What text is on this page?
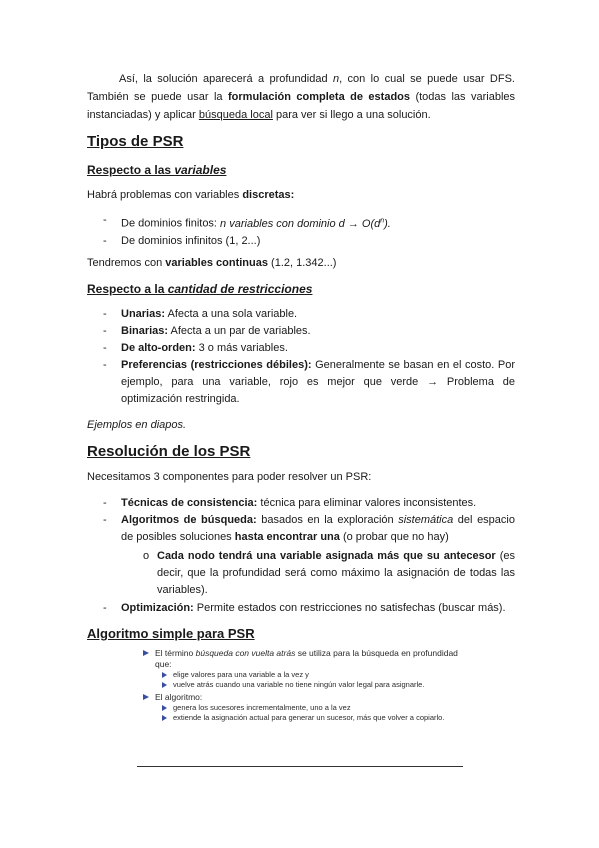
Así, la solución aparecerá a profundidad n, con lo cual se puede usar DFS. También se puede usar la formulación completa de estados (todas las variables instanciadas) y aplicar búsqueda local para ver si llego a una solución.

Tipos de PSR
Respecto a las variables

Habrá problemas con variables discretas:

- De dominios finitos: n variables con dominio $d \to O(d^n)$.
- De dominios infinitos (1, 2...)

Tendremos con variables continuas (1.2, 1.342...)

Respecto a la cantidad de restricciones
- Unarias: Afecta a una sola variable.
- Binarias: Afecta a un par de variables.
- De alto-orden: 3 o más variables.
- Preferencias (restricciones débiles): Generalmente se basan en el costo. Por ejemplo, para una variable, rojo es mejor que verde → Problema de optimización restringida.

Ejemplos en diapos.

Resolución de los PSR

Necesitamos 3 componentes para poder resolver un PSR:

- Técnicas de consistencia: técnica para eliminar valores inconsistentes.
- Algoritmos de búsqueda: basados en la exploración sistemática del espacio de posibles soluciones hasta encontrar una (o probar que no hay)
o Cada nodo tendrá una variable asignada más que su antecesor (es decir, que la profundidad será como máximo la asignación de todas las variables).
- Optimización: Permite estados con restricciones no satisfechas (buscar más).
Algoritmo simple para PSR
El término búsqueda con vuelta atrás se utiliza para la búsqueda en profundidad que:
elige valores para una variable a la vez y
vuelve atrás cuando una variable no tiene ningún valor legal para asignarle.
El algoritmo:
genera los sucesores incrementalmente, uno a la vez
extiende la asignación actual para generar un sucesor, más que volver a copiarlo.
